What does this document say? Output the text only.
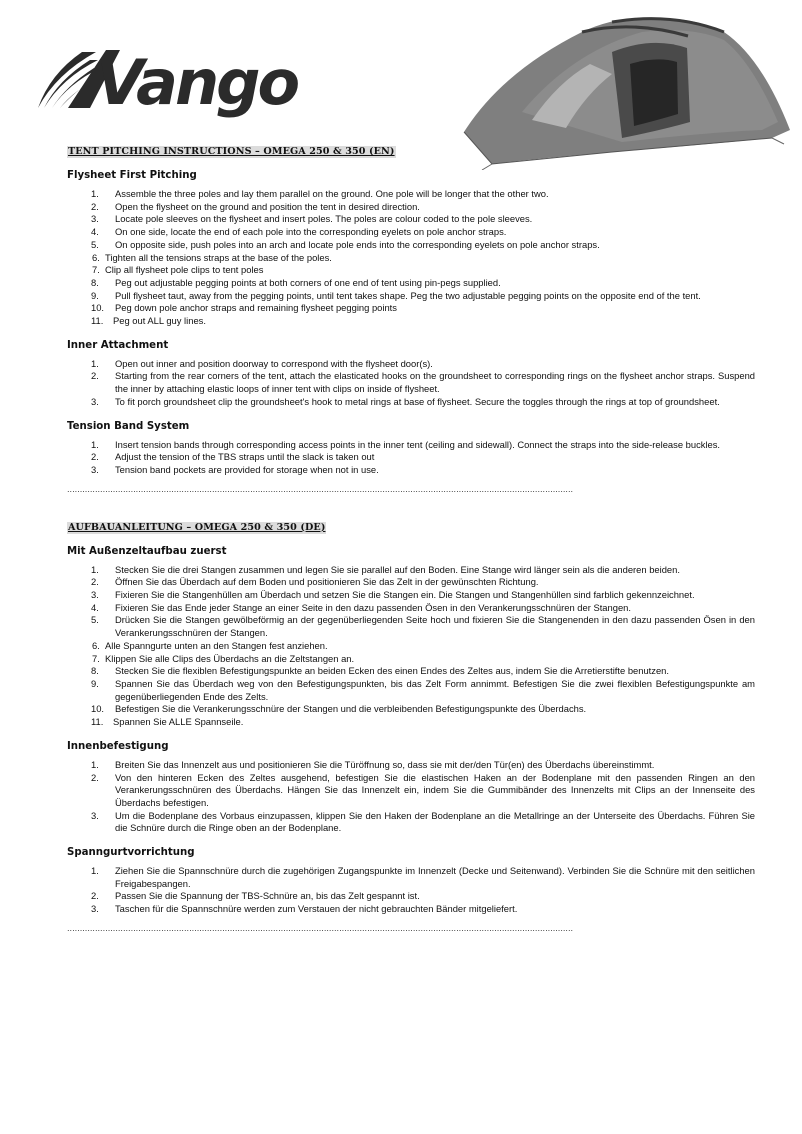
Vango

TENT PITCHING INSTRUCTIONS – OMEGA 250 & 350 (EN)

Flysheet First Pitching
1. Assemble the three poles and lay them parallel on the ground. One pole will be longer that the other two.
2. Open the flysheet on the ground and position the tent in desired direction.
3. Locate pole sleeves on the flysheet and insert poles. The poles are colour coded to the pole sleeves.
4. On one side, locate the end of each pole into the corresponding eyelets on pole anchor straps.
5. On opposite side, push poles into an arch and locate pole ends into the corresponding eyelets on pole anchor straps.
6. Tighten all the tensions straps at the base of the poles.
7. Clip all flysheet pole clips to tent poles
8. Peg out adjustable pegging points at both corners of one end of tent using pin-pegs supplied.
9. Pull flysheet taut, away from the pegging points, until tent takes shape. Peg the two adjustable pegging points on the opposite end of the tent.
10. Peg down pole anchor straps and remaining flysheet pegging points
11. Peg out ALL guy lines.
Inner Attachment
1. Open out inner and position doorway to correspond with the flysheet door(s).
2. Starting from the rear corners of the tent, attach the elasticated hooks on the groundsheet to corresponding rings on the flysheet anchor straps. Suspend the inner by attaching elastic loops of inner tent with clips on inside of flysheet.
3. To fit porch groundsheet clip the groundsheet's hook to metal rings at base of flysheet. Secure the toggles through the rings at top of groundsheet.
Tension Band System
1. Insert tension bands through corresponding access points in the inner tent (ceiling and sidewall). Connect the straps into the side-release buckles.
2. Adjust the tension of the TBS straps until the slack is taken out
3. Tension band pockets are provided for storage when not in use.
.......................................................................................................................................................................................................

AUFBAUANLEITUNG – OMEGA 250 & 350 (DE)

Mit Außenzeltaufbau zuerst
1. Stecken Sie die drei Stangen zusammen und legen Sie sie parallel auf den Boden. Eine Stange wird länger sein als die anderen beiden.
2. Öffnen Sie das Überdach auf dem Boden und positionieren Sie das Zelt in der gewünschten Richtung.
3. Fixieren Sie die Stangenhüllen am Überdach und setzen Sie die Stangen ein. Die Stangen und Stangenhüllen sind farblich gekennzeichnet.
4. Fixieren Sie das Ende jeder Stange an einer Seite in den dazu passenden Ösen in den Verankerungsschnüren der Stangen.
5. Drücken Sie die Stangen gewölbeförmig an der gegenüberliegenden Seite hoch und fixieren Sie die Stangenenden in den dazu passenden Ösen in den Verankerungsschnüren der Stangen.
6. Alle Spanngurte unten an den Stangen fest anziehen.
7. Klippen Sie alle Clips des Überdachs an die Zeltstangen an.
8. Stecken Sie die flexiblen Befestigungspunkte an beiden Ecken des einen Endes des Zeltes aus, indem Sie die Arretierstifte benutzen.
9. Spannen Sie das Überdach weg von den Befestigungspunkten, bis das Zelt Form annimmt. Befestigen Sie die zwei flexiblen Befestigungspunkte am gegenüberliegenden Ende des Zelts.
10. Befestigen Sie die Verankerungsschnüre der Stangen und die verbleibenden Befestigungspunkte des Überdachs.
11. Spannen Sie ALLE Spannseile.
Innenbefestigung
1. Breiten Sie das Innenzelt aus und positionieren Sie die Türöffnung so, dass sie mit der/den Tür(en) des Überdachs übereinstimmt.
2. Von den hinteren Ecken des Zeltes ausgehend, befestigen Sie die elastischen Haken an der Bodenplane mit den passenden Ringen an den Verankerungsschnüren des Überdachs. Hängen Sie das Innenzelt ein, indem Sie die Gummibänder des Innenzelts mit Clips an der Innenseite des Überdachs befestigen.
3. Um die Bodenplane des Vorbaus einzupassen, klippen Sie den Haken der Bodenplane an die Metallringe an der Unterseite des Überdachs. Führen Sie die Schnüre durch die Ringe oben an der Bodenplane.
Spanngurtvorrichtung
1. Ziehen Sie die Spannschnüre durch die zugehörigen Zugangspunkte im Innenzelt (Decke und Seitenwand). Verbinden Sie die Schnüre mit den seitlichen Freigabespangen.
2. Passen Sie die Spannung der TBS-Schnüre an, bis das Zelt gespannt ist.
3. Taschen für die Spannschnüre werden zum Verstauen der nicht gebrauchten Bänder mitgeliefert.
.......................................................................................................................................................................................................
